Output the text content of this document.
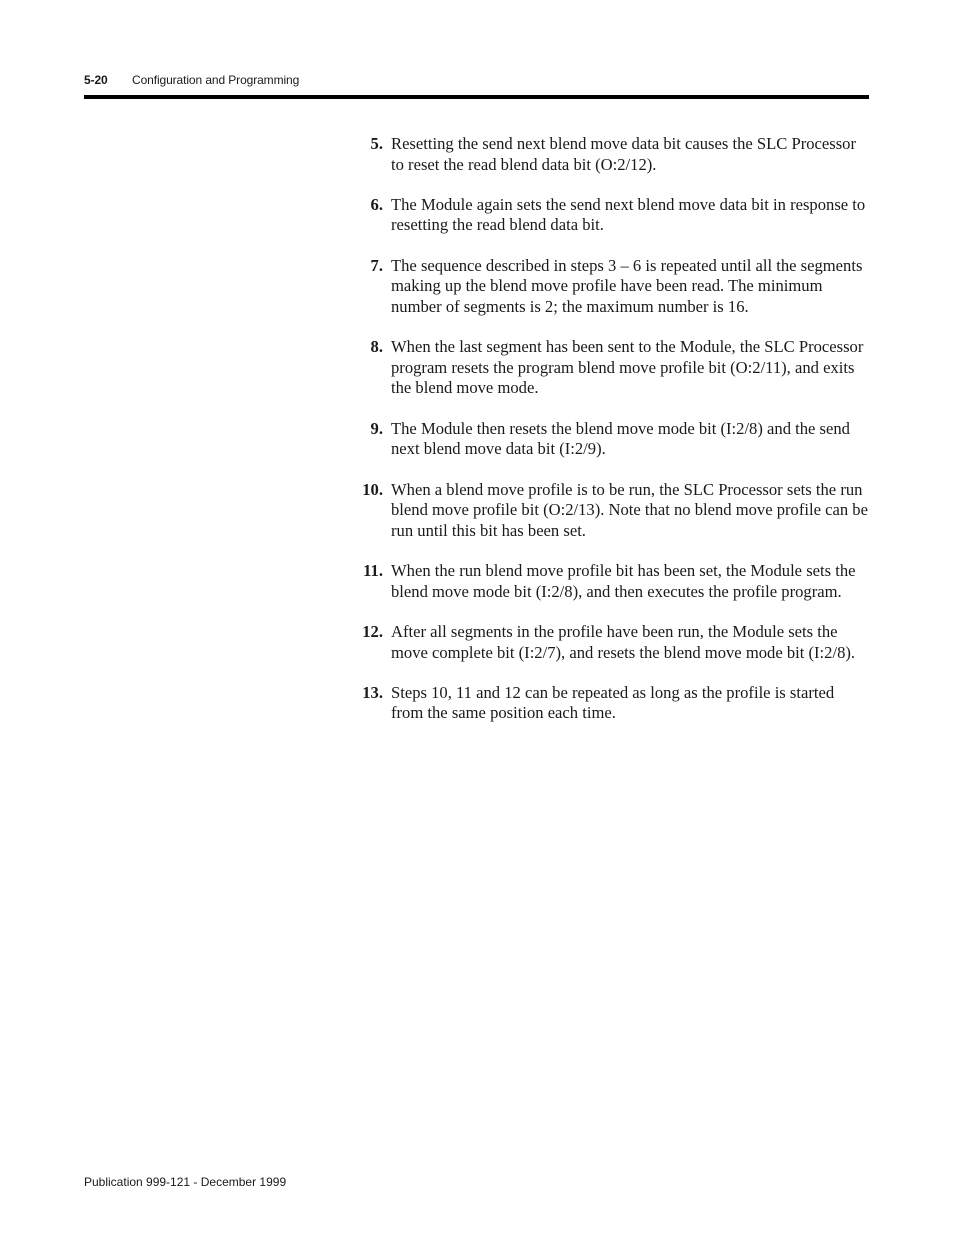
5-20 Configuration and Programming
5. Resetting the send next blend move data bit causes the SLC Processor to reset the read blend data bit (O:2/12).
6. The Module again sets the send next blend move data bit in response to resetting the read blend data bit.
7. The sequence described in steps 3 – 6 is repeated until all the segments making up the blend move profile have been read. The minimum number of segments is 2; the maximum number is 16.
8. When the last segment has been sent to the Module, the SLC Processor program resets the program blend move profile bit (O:2/11), and exits the blend move mode.
9. The Module then resets the blend move mode bit (I:2/8) and the send next blend move data bit (I:2/9).
10. When a blend move profile is to be run, the SLC Processor sets the run blend move profile bit (O:2/13). Note that no blend move profile can be run until this bit has been set.
11. When the run blend move profile bit has been set, the Module sets the blend move mode bit (I:2/8), and then executes the profile program.
12. After all segments in the profile have been run, the Module sets the move complete bit (I:2/7), and resets the blend move mode bit (I:2/8).
13. Steps 10, 11 and 12 can be repeated as long as the profile is started from the same position each time.
Publication 999-121 - December 1999
